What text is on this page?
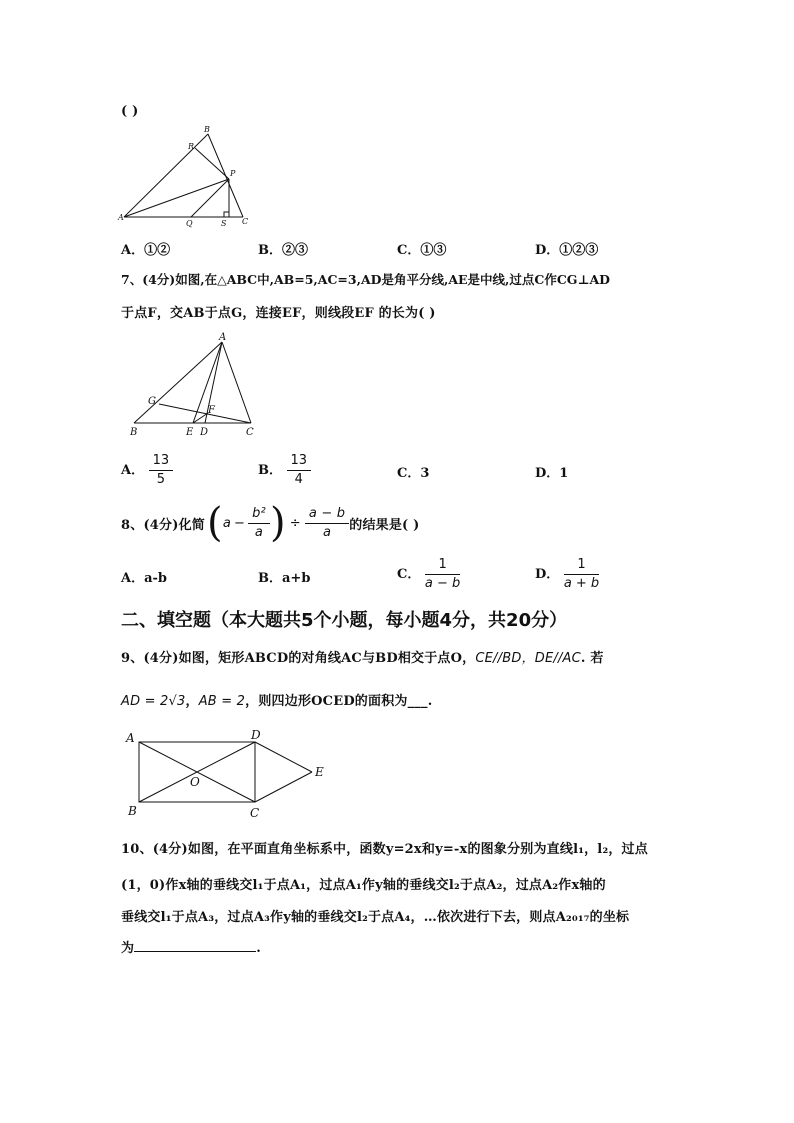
( )
B
R
P
A
Q	S C
A．①②	B．②③	C．①③	D．①②③
7、(4分)如图,在△ABC中,AB=5,AC=3,AD是角平分线,AE是中线,过点C作CG⊥AD
于点F，交AB于点G，连接EF，则线段EF 的长为( )
A
G
F
B	E D	C
A． $\frac{13}{5}$	B． $\frac{13}{4}$	C．3	D．1
8、(4分)化简 ( $a - \frac{\text{b²}}{a}$ ) ÷ $\frac{a - b}{a}$ 的结果是( )
A．a-b	B．a+b	C． $\frac{1}{a - b}$	D． $\frac{1}{a + b}$
二、填空题（本大题共5个小题，每小题4分，共20分）
9、(4分)如图，矩形ABCD的对角线AC与BD相交于点O，CE//BD，DE//AC. 若
AD = 2√3，AB = 2，则四边形OCED的面积为___.
A	D
E
O
B	C
10、(4分)如图，在平面直角坐标系中，函数y=2x和y=-x的图象分别为直线l₁，l₂，过点
(1，0)作x轴的垂线交l₁于点A₁，过点A₁作y轴的垂线交l₂于点A₂，过点A₂作x轴的
垂线交l₁于点A₃，过点A₃作y轴的垂线交l₂于点A₄，…依次进行下去，则点A₂₀₁₇的坐标
为	.
